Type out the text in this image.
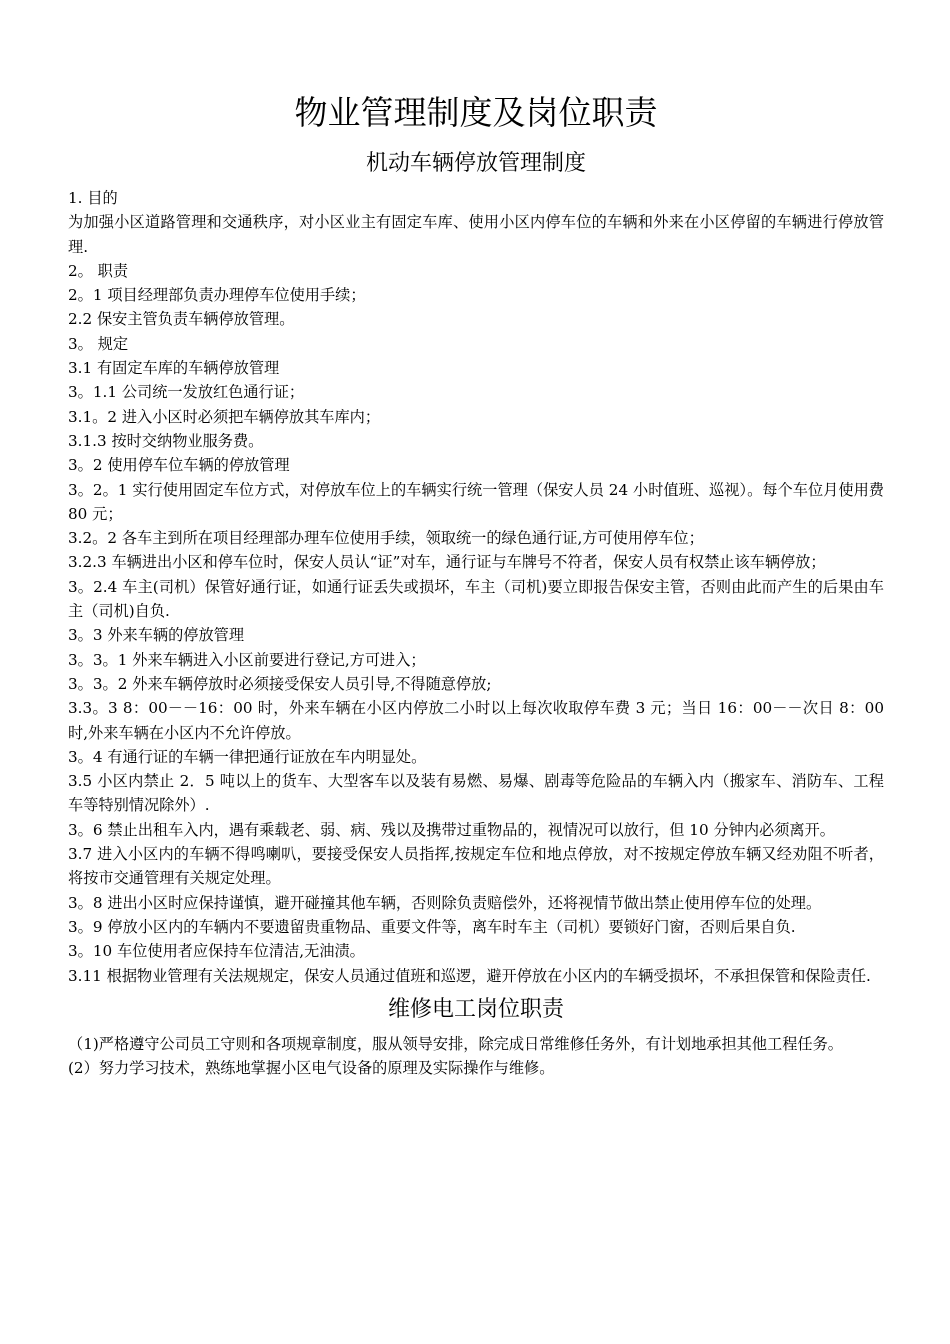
物业管理制度及岗位职责
机动车辆停放管理制度

1. 目的

为加强小区道路管理和交通秩序，对小区业主有固定车库、使用小区内停车位的车辆和外来在小区停留的车辆进行停放管理.

2。 职责

2。1 项目经理部负责办理停车位使用手续；

2.2 保安主管负责车辆停放管理。

3。 规定

3.1 有固定车库的车辆停放管理

3。1.1 公司统一发放红色通行证；

3.1。2 进入小区时必须把车辆停放其车库内；

3.1.3 按时交纳物业服务费。

3。2 使用停车位车辆的停放管理

3。2。1 实行使用固定车位方式，对停放车位上的车辆实行统一管理（保安人员 24 小时值班、巡视）。每个车位月使用费 80 元；

3.2。2 各车主到所在项目经理部办理车位使用手续，领取统一的绿色通行证,方可使用停车位；

3.2.3 车辆进出小区和停车位时，保安人员认“证”对车，通行证与车牌号不符者，保安人员有权禁止该车辆停放；

3。2.4 车主(司机）保管好通行证，如通行证丢失或损坏，车主（司机)要立即报告保安主管，否则由此而产生的后果由车主（司机)自负.

3。3 外来车辆的停放管理

3。3。1 外来车辆进入小区前要进行登记,方可进入；

3。3。2 外来车辆停放时必须接受保安人员引导,不得随意停放;

3.3。3 8：00－－16：00 时，外来车辆在小区内停放二小时以上每次收取停车费 3 元；当日 16：00－－次日 8：00 时,外来车辆在小区内不允许停放。

3。4 有通行证的车辆一律把通行证放在车内明显处。

3.5 小区内禁止 2．5 吨以上的货车、大型客车以及装有易燃、易爆、剧毒等危险品的车辆入内（搬家车、消防车、工程车等特别情况除外）.

3。6 禁止出租车入内，遇有乘载老、弱、病、残以及携带过重物品的，视情况可以放行，但 10 分钟内必须离开。

3.7 进入小区内的车辆不得鸣喇叭，要接受保安人员指挥,按规定车位和地点停放，对不按规定停放车辆又经劝阻不听者，将按市交通管理有关规定处理。

3。8 进出小区时应保持谨慎，避开碰撞其他车辆，否则除负责赔偿外，还将视情节做出禁止使用停车位的处理。

3。9 停放小区内的车辆内不要遗留贵重物品、重要文件等，离车时车主（司机）要锁好门窗，否则后果自负.

3。10 车位使用者应保持车位清洁,无油渍。

3.11 根据物业管理有关法规规定，保安人员通过值班和巡逻，避开停放在小区内的车辆受损坏，不承担保管和保险责任.

维修电工岗位职责

（1)严格遵守公司员工守则和各项规章制度，服从领导安排，除完成日常维修任务外，有计划地承担其他工程任务。

(2）努力学习技术，熟练地掌握小区电气设备的原理及实际操作与维修。
